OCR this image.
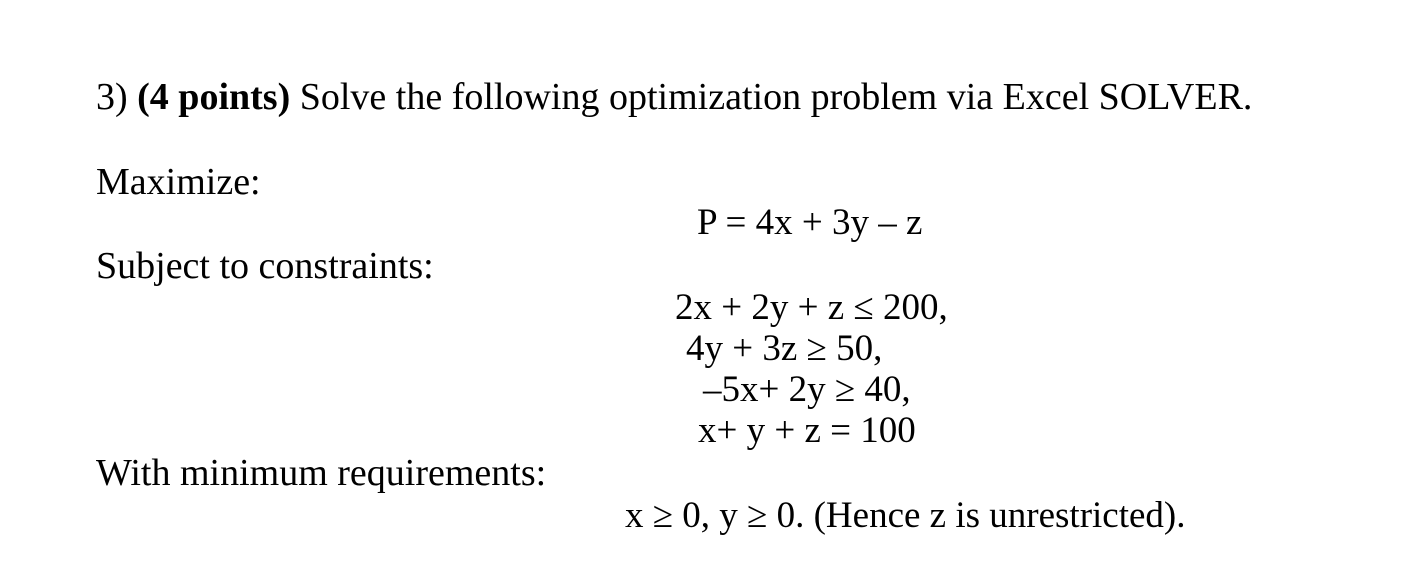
3) (4 points) Solve the following optimization problem via Excel SOLVER.
Maximize:
P = 4x + 3y – z
Subject to constraints:
2x + 2y + z ≤ 200,
4y + 3z ≥ 50,
–5x+ 2y ≥ 40,
x+ y + z = 100
With minimum requirements:
x ≥ 0, y ≥ 0. (Hence z is unrestricted).
